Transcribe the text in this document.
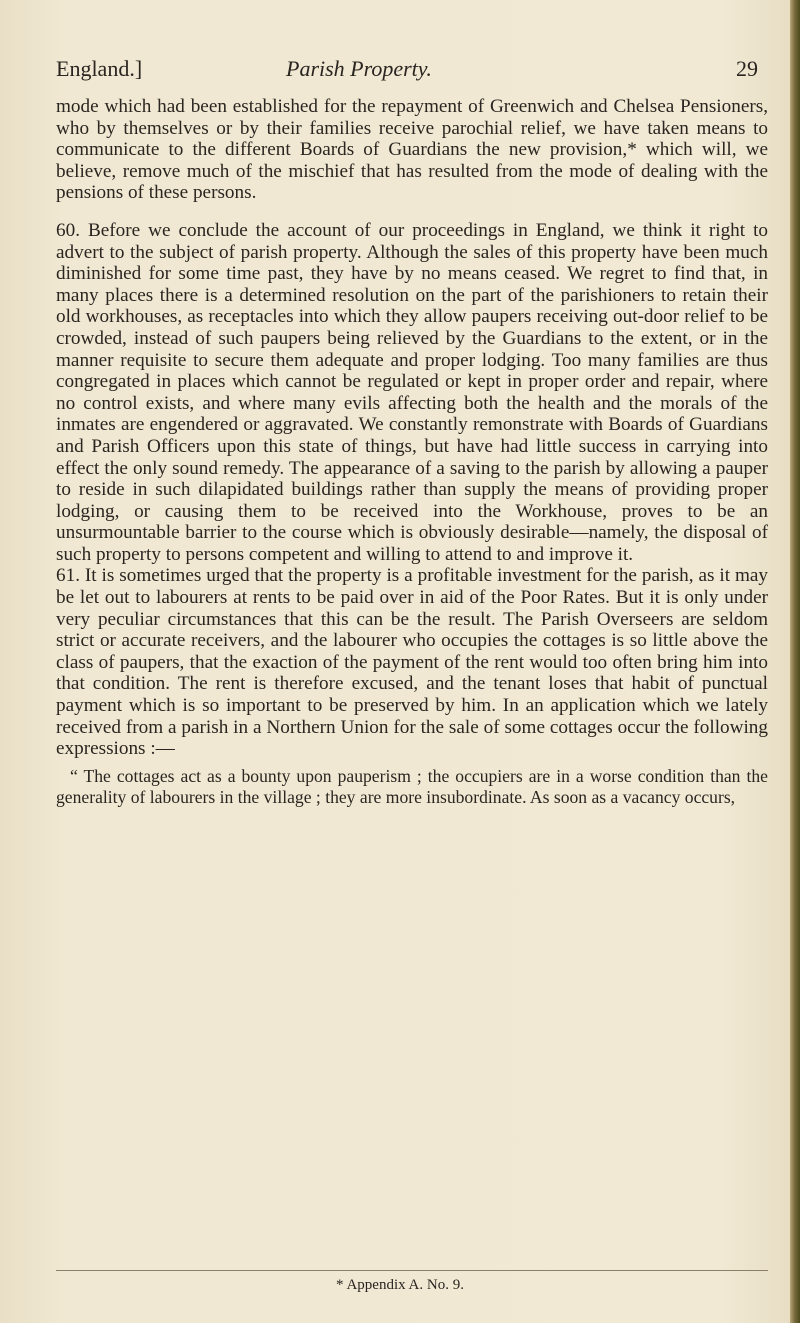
England.]	Parish Property.	29

mode which had been established for the repayment of Greenwich and Chelsea Pensioners, who by themselves or by their families receive parochial relief, we have taken means to communicate to the different Boards of Guardians the new provision,* which will, we believe, remove much of the mischief that has resulted from the mode of dealing with the pensions of these persons.

60. Before we conclude the account of our proceedings in England, we think it right to advert to the subject of parish property. Although the sales of this property have been much diminished for some time past, they have by no means ceased. We regret to find that, in many places there is a determined resolution on the part of the parishioners to retain their old workhouses, as receptacles into which they allow paupers receiving out-door relief to be crowded, instead of such paupers being relieved by the Guardians to the extent, or in the manner requisite to secure them adequate and proper lodging. Too many families are thus congregated in places which cannot be regulated or kept in proper order and repair, where no control exists, and where many evils affecting both the health and the morals of the inmates are engendered or aggravated. We constantly remonstrate with Boards of Guardians and Parish Officers upon this state of things, but have had little success in carrying into effect the only sound remedy. The appearance of a saving to the parish by allowing a pauper to reside in such dilapidated buildings rather than supply the means of providing proper lodging, or causing them to be received into the Workhouse, proves to be an unsurmountable barrier to the course which is obviously desirable—namely, the disposal of such property to persons competent and willing to attend to and improve it.

61. It is sometimes urged that the property is a profitable investment for the parish, as it may be let out to labourers at rents to be paid over in aid of the Poor Rates. But it is only under very peculiar circumstances that this can be the result. The Parish Overseers are seldom strict or accurate receivers, and the labourer who occupies the cottages is so little above the class of paupers, that the exaction of the payment of the rent would too often bring him into that condition. The rent is therefore excused, and the tenant loses that habit of punctual payment which is so important to be preserved by him. In an application which we lately received from a parish in a Northern Union for the sale of some cottages occur the following expressions :—

“ The cottages act as a bounty upon pauperism ; the occupiers are in a worse condition than the generality of labourers in the village ; they are more insubordinate. As soon as a vacancy occurs,

* Appendix A. No. 9.
